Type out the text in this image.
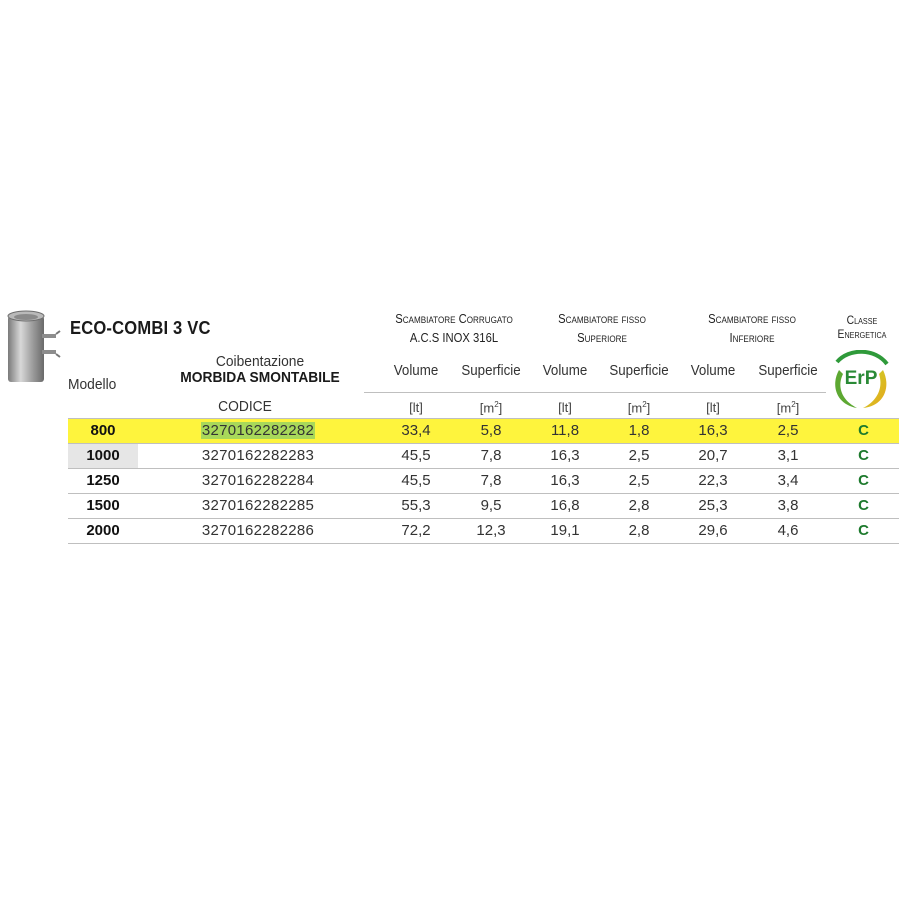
ECO-COMBI 3 VC	Scambiatore Corrugato
A.C.S INOX 316L
Scambiatore fisso
Superiore
Scambiatore fisso
Inferiore
Classe
Energetica
Coibentazione
MORBIDA SMONTABILE
Modello
Volume	Superficie	Volume	Superficie	Volume	Superficie
CODICE	[lt]	$[m^2]$	[lt]	$[m^2]$	[lt]	$[m^2]$
ErP
800	3270162282282	33,4	5,8	11,8	1,8	16,3	2,5	C
1000	3270162282283	45,5	7,8	16,3	2,5	20,7	3,1	C
1250	3270162282284	45,5	7,8	16,3	2,5	22,3	3,4	C
1500	3270162282285	55,3	9,5	16,8	2,8	25,3	3,8	C
2000	3270162282286	72,2	12,3	19,1	2,8	29,6	4,6	C
